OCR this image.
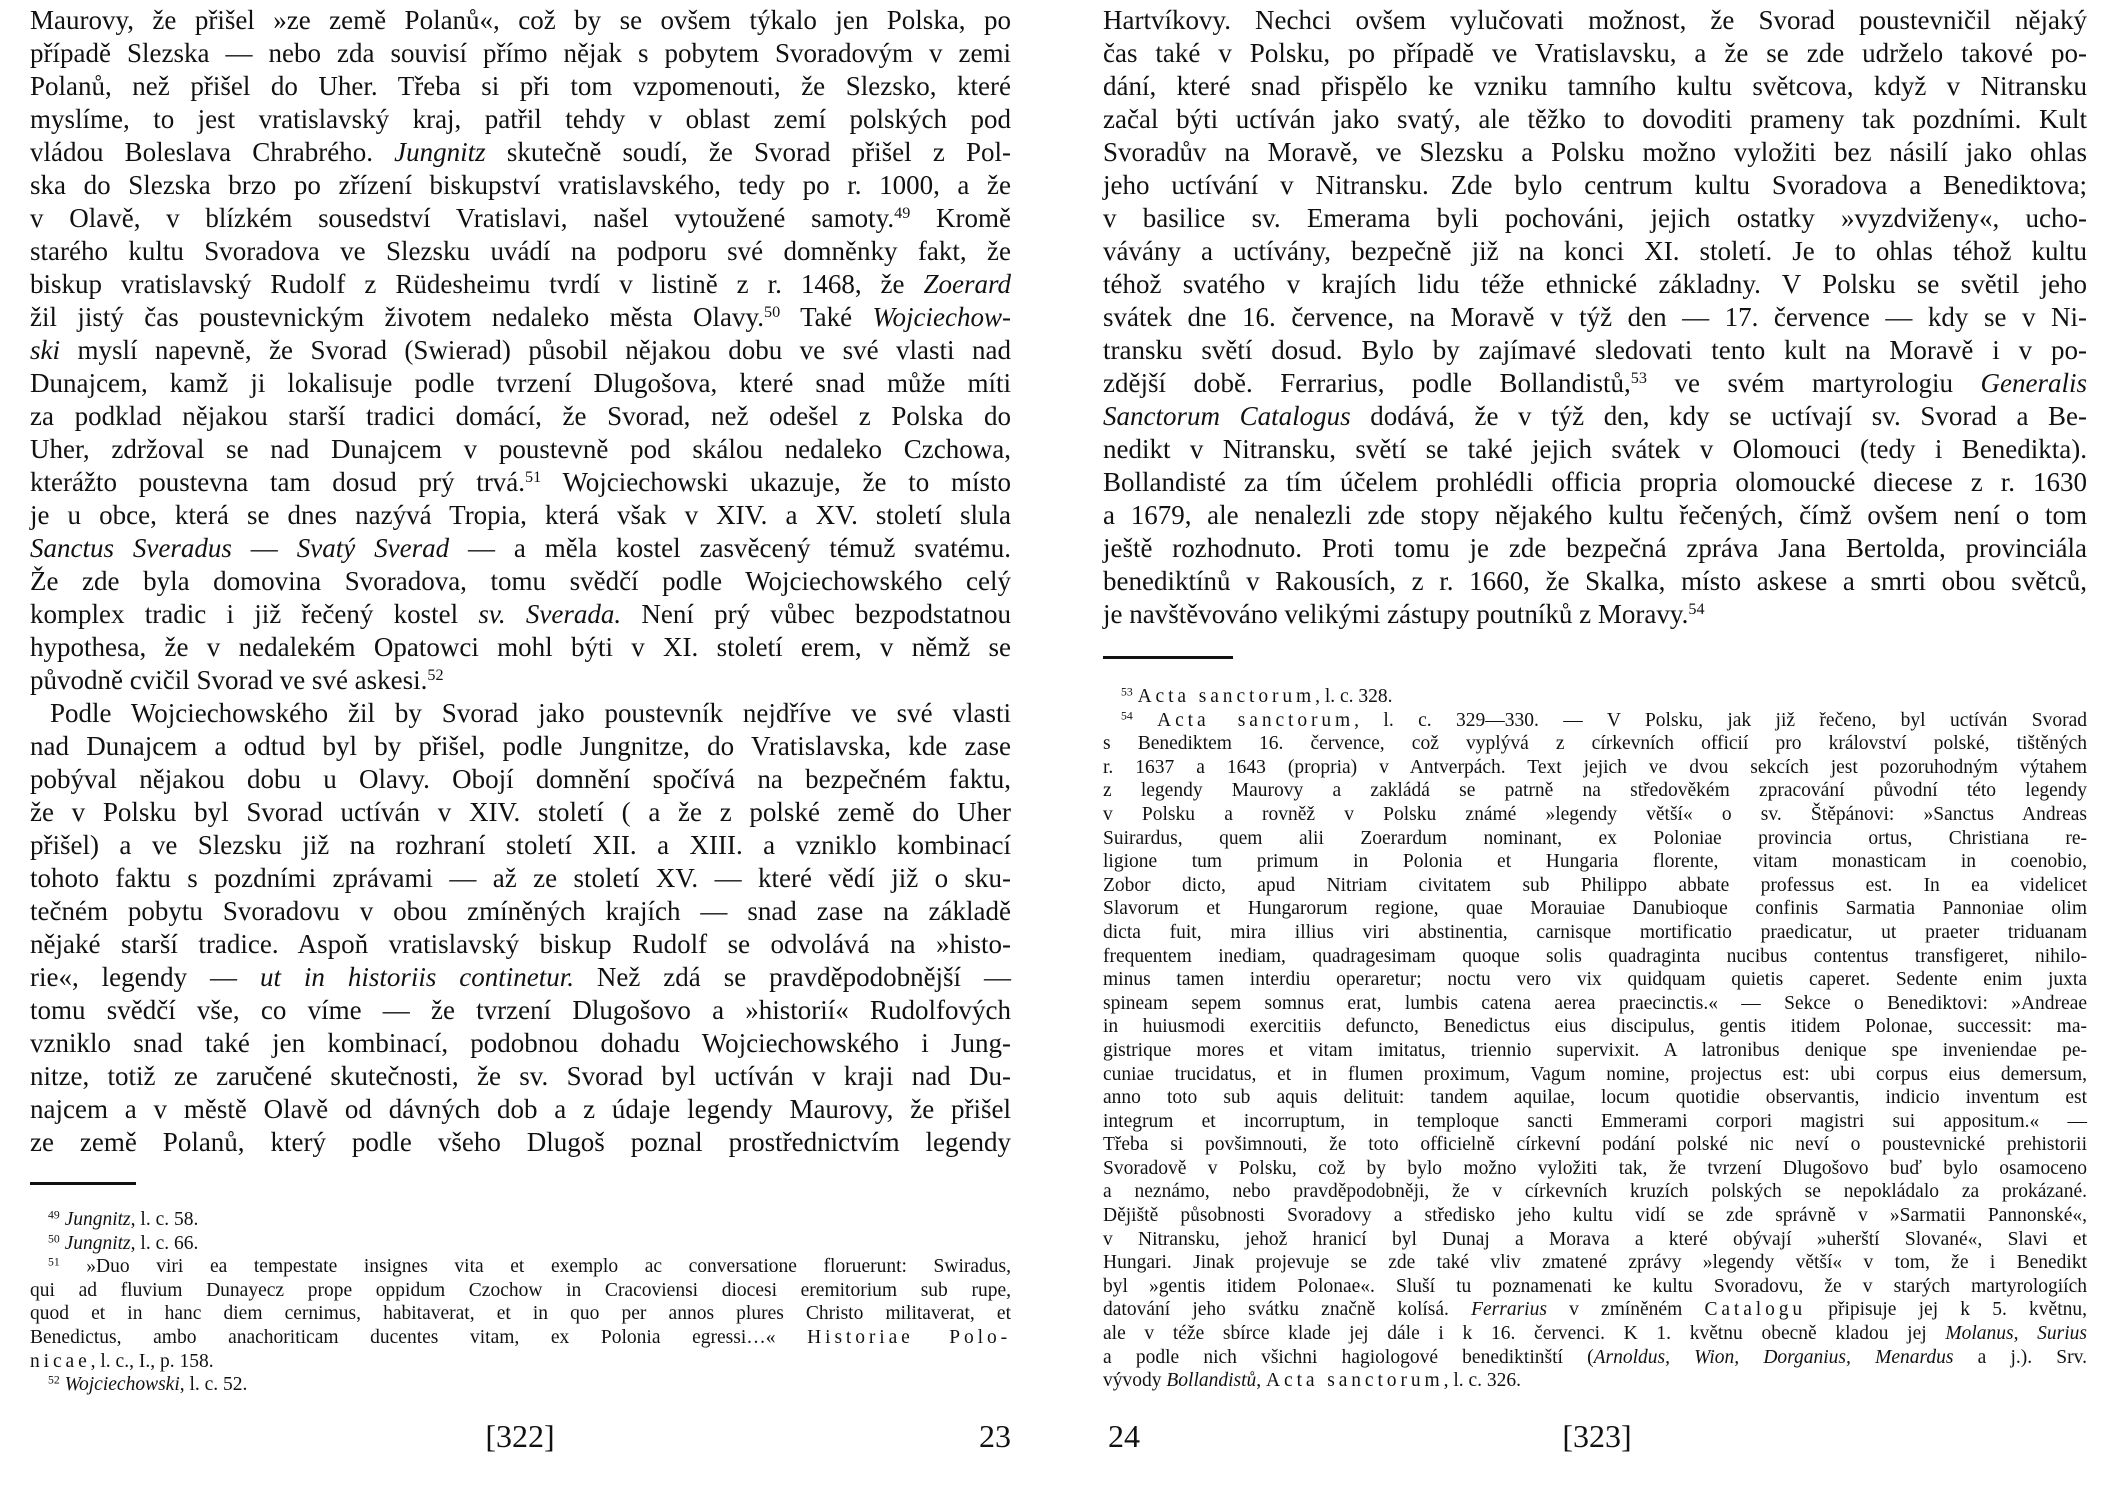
Maurovy, že přišel »ze země Polanů«, což by se ovšem týkalo jen Polska, po
případě Slezska — nebo zda souvisí přímo nějak s pobytem Svoradovým v zemi
Polanů, než přišel do Uher. Třeba si při tom vzpomenouti, že Slezsko, které
myslíme, to jest vratislavský kraj, patřil tehdy v oblast zemí polských pod
vládou Boleslava Chrabrého. Jungnitz skutečně soudí, že Svorad přišel z Pol-
ska do Slezska brzo po zřízení biskupství vratislavského, tedy po r. 1000, a že
v Olavě, v blízkém sousedství Vratislavi, našel vytoužené samoty.$^{49}$ Kromě
starého kultu Svoradova ve Slezsku uvádí na podporu své domněnky fakt, že
biskup vratislavský Rudolf z Rüdesheimu tvrdí v listině z r. 1468, že Zoerard
žil jistý čas poustevnickým životem nedaleko města Olavy.$^{50}$ Také Wojciechow-
ski myslí napevně, že Svorad (Swierad) působil nějakou dobu ve své vlasti nad
Dunajcem, kamž ji lokalisuje podle tvrzení Dlugošova, které snad může míti
za podklad nějakou starší tradici domácí, že Svorad, než odešel z Polska do
Uher, zdržoval se nad Dunajcem v poustevně pod skálou nedaleko Czchowa,
kterážto poustevna tam dosud prý trvá.$^{51}$ Wojciechowski ukazuje, že to místo
je u obce, která se dnes nazývá Tropia, která však v XIV. a XV. století slula
Sanctus Sveradus — Svatý Sverad — a měla kostel zasvěcený témuž svatému.
Že zde byla domovina Svoradova, tomu svědčí podle Wojciechowského celý
komplex tradic i již řečený kostel sv. Sverada. Není prý vůbec bezpodstatnou
hypothesa, že v nedalekém Opatowci mohl býti v XI. století erem, v němž se
původně cvičil Svorad ve své askesi.$^{52}$
Podle Wojciechowského žil by Svorad jako poustevník nejdříve ve své vlasti
nad Dunajcem a odtud byl by přišel, podle Jungnitze, do Vratislavska, kde zase
pobýval nějakou dobu u Olavy. Obojí domnění spočívá na bezpečném faktu,
že v Polsku byl Svorad uctíván v XIV. století ( a že z polské země do Uher
přišel) a ve Slezsku již na rozhraní století XII. a XIII. a vzniklo kombinací
tohoto faktu s pozdními zprávami — až ze století XV. — které vědí již o sku-
tečném pobytu Svoradovu v obou zmíněných krajích — snad zase na základě
nějaké starší tradice. Aspoň vratislavský biskup Rudolf se odvolává na »histo-
rie«, legendy — ut in historiis continetur. Než zdá se pravděpodobnější —
tomu svědčí vše, co víme — že tvrzení Dlugošovo a »historií« Rudolfových
vzniklo snad také jen kombinací, podobnou dohadu Wojciechowského i Jung-
nitze, totiž ze zaručené skutečnosti, že sv. Svorad byl uctíván v kraji nad Du-
najcem a v městě Olavě od dávných dob a z údaje legendy Maurovy, že přišel
ze země Polanů, který podle všeho Dlugoš poznal prostřednictvím legendy
$^{49}$ Jungnitz, l. c. 58.
$^{50}$ Jungnitz, l. c. 66.
$^{51}$ »Duo viri ea tempestate insignes vita et exemplo ac conversatione floruerunt: Swiradus,
qui ad fluvium Dunayecz prope oppidum Czochow in Cracoviensi diocesi eremitorium sub rupe,
quod et in hanc diem cernimus, habitaverat, et in quo per annos plures Christo militaverat, et
Benedictus, ambo anachoriticam ducentes vitam, ex Polonia egressi…« Historiae Polo-
nicae, l. c., I., p. 158.
$^{52}$ Wojciechowski, l. c. 52.
[322]	23
Hartvíkovy. Nechci ovšem vylučovati možnost, že Svorad poustevničil nějaký
čas také v Polsku, po případě ve Vratislavsku, a že se zde udrželo takové po-
dání, které snad přispělo ke vzniku tamního kultu světcova, když v Nitransku
začal býti uctíván jako svatý, ale těžko to dovoditi prameny tak pozdními. Kult
Svoradův na Moravě, ve Slezsku a Polsku možno vyložiti bez násilí jako ohlas
jeho uctívání v Nitransku. Zde bylo centrum kultu Svoradova a Benediktova;
v basilice sv. Emerama byli pochováni, jejich ostatky »vyzdviženy«, ucho-
vávány a uctívány, bezpečně již na konci XI. století. Je to ohlas téhož kultu
téhož svatého v krajích lidu téže ethnické základny. V Polsku se světil jeho
svátek dne 16. července, na Moravě v týž den — 17. července — kdy se v Ni-
transku světí dosud. Bylo by zajímavé sledovati tento kult na Moravě i v po-
zdější době. Ferrarius, podle Bollandistů,$^{53}$ ve svém martyrologiu Generalis
Sanctorum Catalogus dodává, že v týž den, kdy se uctívají sv. Svorad a Be-
nedikt v Nitransku, světí se také jejich svátek v Olomouci (tedy i Benedikta).
Bollandisté za tím účelem prohlédli officia propria olomoucké diecese z r. 1630
a 1679, ale nenalezli zde stopy nějakého kultu řečených, čímž ovšem není o tom
ještě rozhodnuto. Proti tomu je zde bezpečná zpráva Jana Bertolda, provinciála
benediktínů v Rakousích, z r. 1660, že Skalka, místo askese a smrti obou světců,
je navštěvováno velikými zástupy poutníků z Moravy.$^{54}$
$^{53}$ Acta sanctorum, l. c. 328.
$^{54}$ Acta sanctorum, l. c. 329—330. — V Polsku, jak již řečeno, byl uctíván Svorad
s Benediktem 16. července, což vyplývá z církevních officií pro království polské, tištěných
r. 1637 a 1643 (propria) v Antverpách. Text jejich ve dvou sekcích jest pozoruhodným výtahem
z legendy Maurovy a zakládá se patrně na středověkém zpracování původní této legendy
v Polsku a rovněž v Polsku známé »legendy větší« o sv. Štěpánovi: »Sanctus Andreas
Suirardus, quem alii Zoerardum nominant, ex Poloniae provincia ortus, Christiana re-
ligione tum primum in Polonia et Hungaria florente, vitam monasticam in coenobio,
Zobor dicto, apud Nitriam civitatem sub Philippo abbate professus est. In ea videlicet
Slavorum et Hungarorum regione, quae Morauiae Danubioque confinis Sarmatia Pannoniae olim
dicta fuit, mira illius viri abstinentia, carnisque mortificatio praedicatur, ut praeter triduanam
frequentem inediam, quadragesimam quoque solis quadraginta nucibus contentus transfigeret, nihilo-
minus tamen interdiu operaretur; noctu vero vix quidquam quietis caperet. Sedente enim juxta
spineam sepem somnus erat, lumbis catena aerea praecinctis.« — Sekce o Benediktovi: »Andreae
in huiusmodi exercitiis defuncto, Benedictus eius discipulus, gentis itidem Polonae, successit: ma-
gistrique mores et vitam imitatus, triennio supervixit. A latronibus denique spe inveniendae pe-
cuniae trucidatus, et in flumen proximum, Vagum nomine, projectus est: ubi corpus eius demersum,
anno toto sub aquis delituit: tandem aquilae, locum quotidie observantis, indicio inventum est
integrum et incorruptum, in temploque sancti Emmerami corpori magistri sui appositum.« —
Třeba si povšimnouti, že toto officielně církevní podání polské nic neví o poustevnické prehistorii
Svoradově v Polsku, což by bylo možno vyložiti tak, že tvrzení Dlugošovo buď bylo osamoceno
a neznámo, nebo pravděpodobněji, že v církevních kruzích polských se nepokládalo za prokázané.
Dějiště působnosti Svoradovy a středisko jeho kultu vidí se zde správně v »Sarmatii Pannonské«,
v Nitransku, jehož hranicí byl Dunaj a Morava a které obývají »uherští Slované«, Slavi et
Hungari. Jinak projevuje se zde také vliv zmatené zprávy »legendy větší« v tom, že i Benedikt
byl »gentis itidem Polonae«. Sluší tu poznamenati ke kultu Svoradovu, že v starých martyrologiích
datování jeho svátku značně kolísá. Ferrarius v zmíněném Catalogu připisuje jej k 5. květnu,
ale v téže sbírce klade jej dále i k 16. červenci. K 1. květnu obecně kladou jej Molanus, Surius
a podle nich všichni hagiologové benediktinští (Arnoldus, Wion, Dorganius, Menardus a j.). Srv.
vývody Bollandistů, Acta sanctorum, l. c. 326.
24	[323]
